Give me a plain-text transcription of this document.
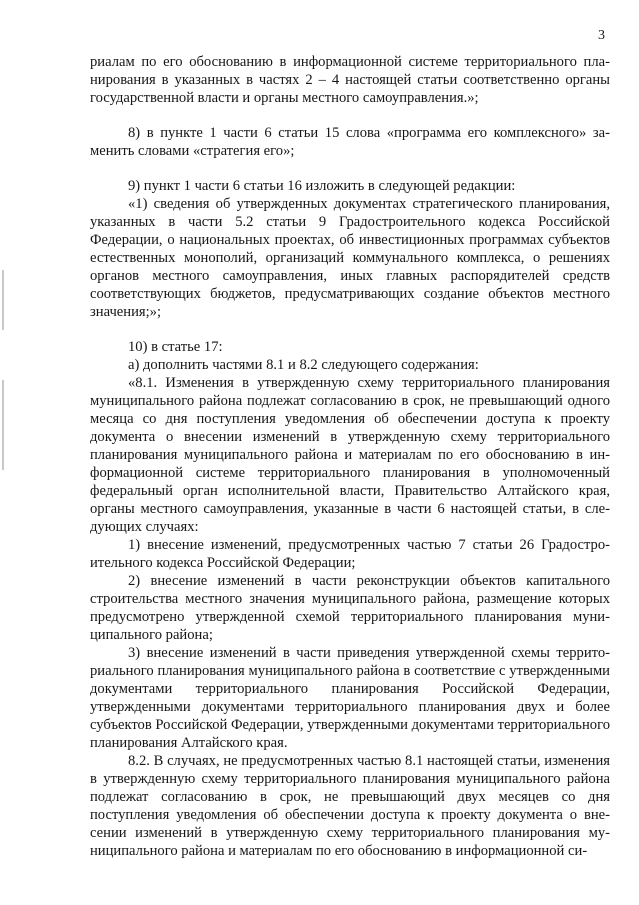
3

риалам по его обоснованию в информационной системе территориального планирования в указанных в частях 2 – 4 настоящей статьи соответственно органы государственной власти и органы местного самоуправления.»;

8) в пункте 1 части 6 статьи 15 слова «программа его комплексного» заменить словами «стратегия его»;

9) пункт 1 части 6 статьи 16 изложить в следующей редакции:

«1) сведения об утвержденных документах стратегического планирования, указанных в части 5.2 статьи 9 Градостроительного кодекса Российской Федерации, о национальных проектах, об инвестиционных программах субъектов естественных монополий, организаций коммунального комплекса, о решениях органов местного самоуправления, иных главных распорядителей средств соответствующих бюджетов, предусматривающих создание объектов местного значения;»;

10) в статье 17:

а) дополнить частями 8.1 и 8.2 следующего содержания:

«8.1. Изменения в утвержденную схему территориального планирования муниципального района подлежат согласованию в срок, не превышающий одного месяца со дня поступления уведомления об обеспечении доступа к проекту документа о внесении изменений в утвержденную схему территориального планирования муниципального района и материалам по его обоснованию в информационной системе территориального планирования в уполномоченный федеральный орган исполнительной власти, Правительство Алтайского края, органы местного самоуправления, указанные в части 6 настоящей статьи, в следующих случаях:

1) внесение изменений, предусмотренных частью 7 статьи 26 Градостроительного кодекса Российской Федерации;

2) внесение изменений в части реконструкции объектов капитального строительства местного значения муниципального района, размещение которых предусмотрено утвержденной схемой территориального планирования муниципального района;

3) внесение изменений в части приведения утвержденной схемы территориального планирования муниципального района в соответствие с утвержденными документами территориального планирования Российской Федерации, утвержденными документами территориального планирования двух и более субъектов Российской Федерации, утвержденными документами территориального планирования Алтайского края.

8.2. В случаях, не предусмотренных частью 8.1 настоящей статьи, изменения в утвержденную схему территориального планирования муниципального района подлежат согласованию в срок, не превышающий двух месяцев со дня поступления уведомления об обеспечении доступа к проекту документа о внесении изменений в утвержденную схему территориального планирования муниципального района и материалам по его обоснованию в информационной си-
